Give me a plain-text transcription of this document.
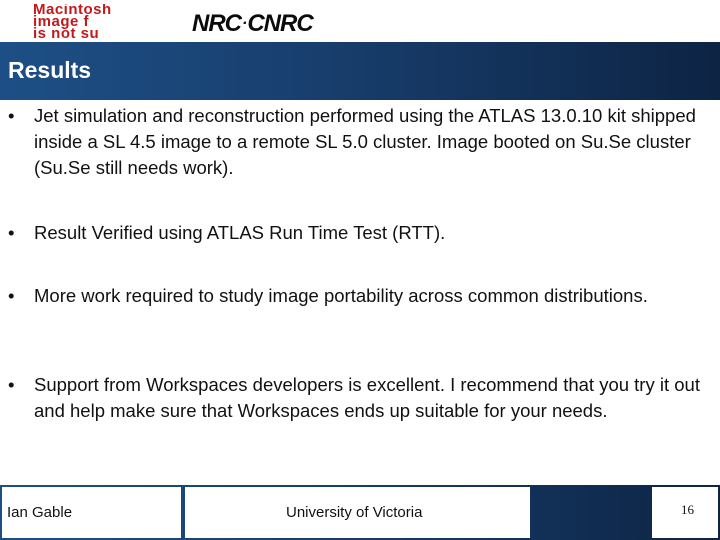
Macintosh
image f
is not su	NRC·CNRC
Results
•	Jet simulation and reconstruction performed using the ATLAS 13.0.10 kit shipped inside a SL 4.5 image to a remote SL 5.0 cluster. Image booted on Su.Se cluster (Su.Se still needs work).
•	Result Verified using ATLAS Run Time Test (RTT).
•	More work required to study image portability across common distributions.
•	Support from Workspaces developers is excellent. I recommend that you try it out and help make sure that Workspaces ends up suitable for your needs.
Ian Gable	University of Victoria	16
